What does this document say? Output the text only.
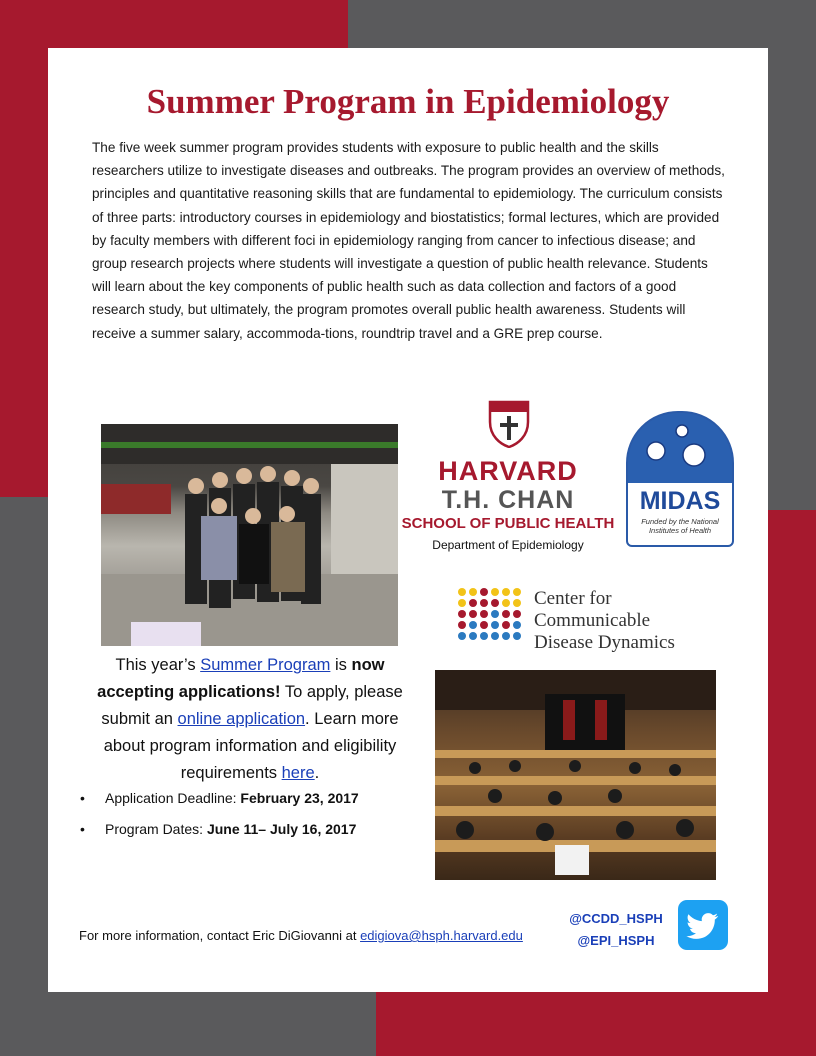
Summer Program in Epidemiology

The five week summer program provides students with exposure to public health and the skills researchers utilize to investigate diseases and outbreaks. The program provides an overview of methods, principles and quantitative reasoning skills that are fundamental to epidemiology. The curriculum consists of three parts: introductory courses in epidemiology and biostatistics; formal lectures, which are provided by faculty members with different foci in epidemiology ranging from cancer to infectious disease; and group research projects where students will investigate a question of public health relevance. Students will learn about the key components of public health such as data collection and factors of a good research study, but ultimately, the program promotes overall public health awareness. Students will receive a summer salary, accommoda-tions, roundtrip travel and a GRE prep course.

HARVARD
T.H. CHAN
SCHOOL OF PUBLIC HEALTH
Department of Epidemiology
MIDAS
Funded by the National Institutes of Health
Center for
Communicable
Disease Dynamics

This year’s Summer Program is now accepting applications! To apply, please submit an online application. Learn more about program information and eligibility requirements here.

• Application Deadline: February 23, 2017
• Program Dates: June 11– July 16, 2017
For more information, contact Eric DiGiovanni at edigiova@hsph.harvard.edu
@CCDD_HSPH
@EPI_HSPH
